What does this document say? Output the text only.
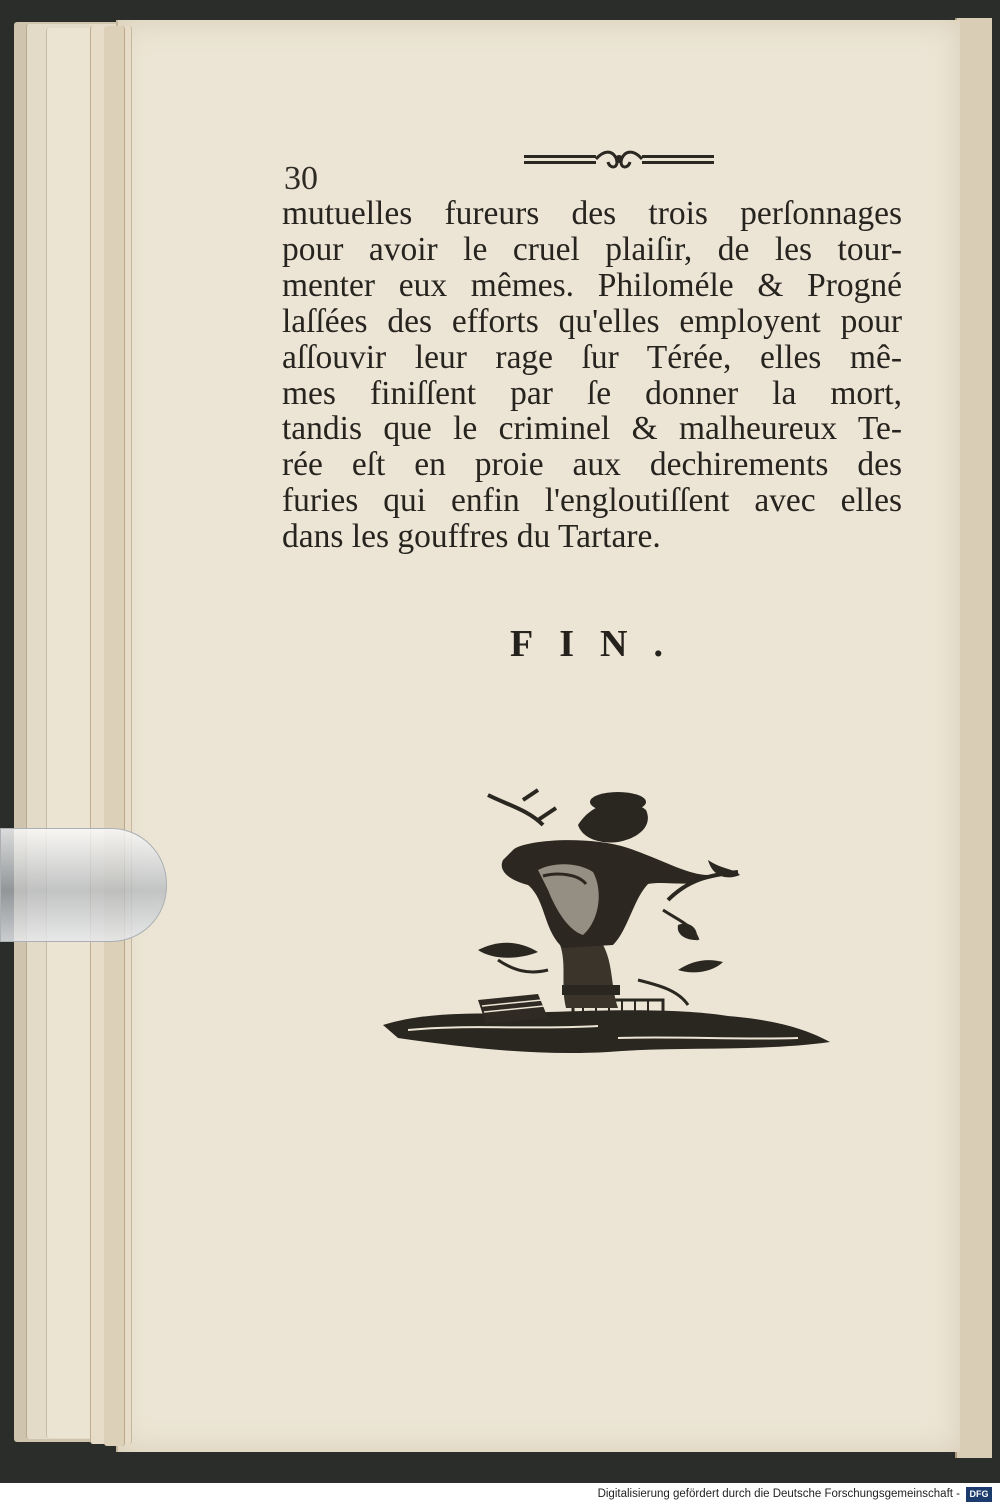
30
mutuelles fureurs des trois perſonnages
pour avoir le cruel plaiſir, de les tour-
menter eux mêmes. Philoméle & Progné
laſſées des efforts qu'elles employent pour
aſſouvir leur rage ſur Térée, elles mê-
mes finiſſent par ſe donner la mort,
tandis que le criminel & malheureux Te-
rée eſt en proie aux dechirements des
furies qui enfin l'engloutiſſent avec elles
dans les gouffres du Tartare.
FIN.
Digitalisierung gefördert durch die Deutsche Forschungsgemeinschaft -	DFG
